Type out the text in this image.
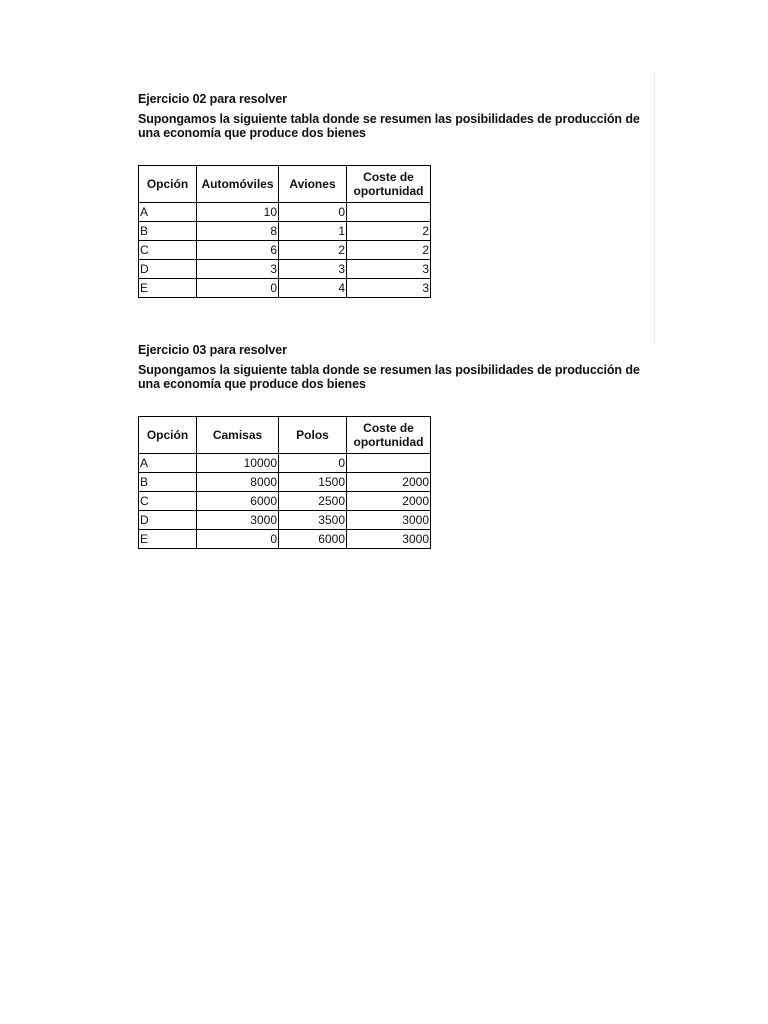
Ejercicio 02 para resolver

Supongamos la siguiente tabla donde se resumen las posibilidades de producción de una economía que produce dos bienes

Opción	Automóviles	Aviones	Coste de oportunidad
A	10	0	
B	8	1	2
C	6	2	2
D	3	3	3
E	0	4	3

Ejercicio 03 para resolver

Supongamos la siguiente tabla donde se resumen las posibilidades de producción de una economía que produce dos bienes

Opción	Camisas	Polos	Coste de oportunidad
A	10000	0	
B	8000	1500	2000
C	6000	2500	2000
D	3000	3500	3000
E	0	6000	3000
